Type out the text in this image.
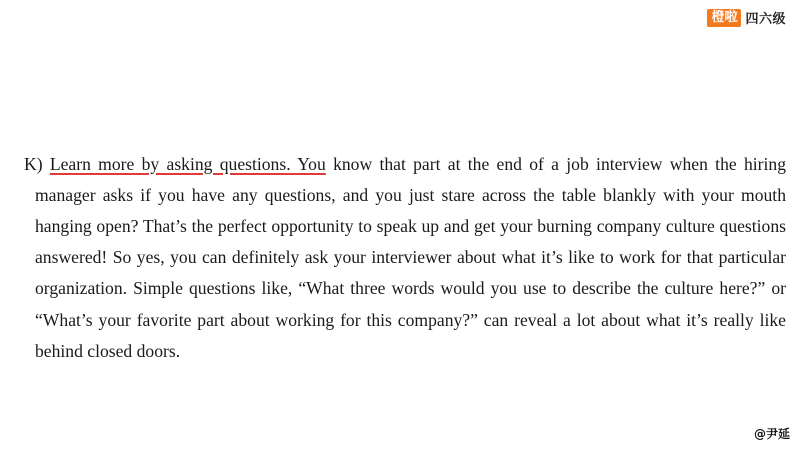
橙啦 四六级

K) Learn more by asking questions. You know that part at the end of a job interview when the hiring manager asks if you have any questions, and you just stare across the table blankly with your mouth hanging open? That’s the perfect opportunity to speak up and get your burning company culture questions answered! So yes, you can definitely ask your interviewer about what it’s like to work for that particular organization. Simple questions like, “What three words would you use to describe the culture here?” or “What’s your favorite part about working for this company?” can reveal a lot about what it’s really like behind closed doors.

@尹延
